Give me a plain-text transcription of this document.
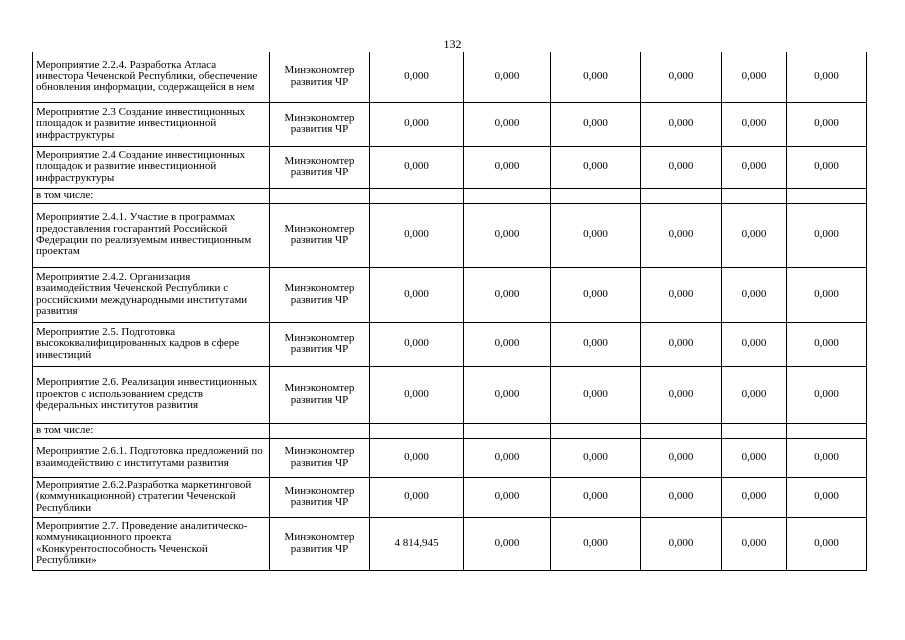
132
Мероприятие 2.2.4. Разработка Атласа инвестора Чеченской Республики, обеспечение обновления информации, содержащейся в нем	Минэкономтер развития ЧР	0,000	0,000	0,000	0,000	0,000	0,000
Мероприятие 2.3 Создание инвестиционных площадок и развитие инвестиционной инфраструктуры	Минэкономтер развития ЧР	0,000	0,000	0,000	0,000	0,000	0,000
Мероприятие 2.4 Создание инвестиционных площадок и развитие инвестиционной инфраструктуры	Минэкономтер развития ЧР	0,000	0,000	0,000	0,000	0,000	0,000
в том числе:							
Мероприятие 2.4.1. Участие в программах предоставления госгарантий Российской Федерации по реализуемым инвестиционным проектам	Минэкономтер развития ЧР	0,000	0,000	0,000	0,000	0,000	0,000
Мероприятие 2.4.2. Организация взаимодействия Чеченской Республики с российскими международными институтами развития	Минэкономтер развития ЧР	0,000	0,000	0,000	0,000	0,000	0,000
Мероприятие 2.5. Подготовка высококвалифицированных кадров в сфере инвестиций	Минэкономтер развития ЧР	0,000	0,000	0,000	0,000	0,000	0,000
Мероприятие 2.6. Реализация инвестиционных проектов с использованием средств федеральных институтов развития	Минэкономтер развития ЧР	0,000	0,000	0,000	0,000	0,000	0,000
в том числе:							
Мероприятие 2.6.1. Подготовка предложений по взаимодействию с институтами развития	Минэкономтер развития ЧР	0,000	0,000	0,000	0,000	0,000	0,000
Мероприятие 2.6.2.Разработка маркетинговой (коммуникационной) стратегии Чеченской Республики	Минэкономтер развития ЧР	0,000	0,000	0,000	0,000	0,000	0,000
Мероприятие 2.7. Проведение аналитическо-коммуникационного проекта «Конкурентоспособность Чеченской Республики»	Минэкономтер развития ЧР	4 814,945	0,000	0,000	0,000	0,000	0,000
